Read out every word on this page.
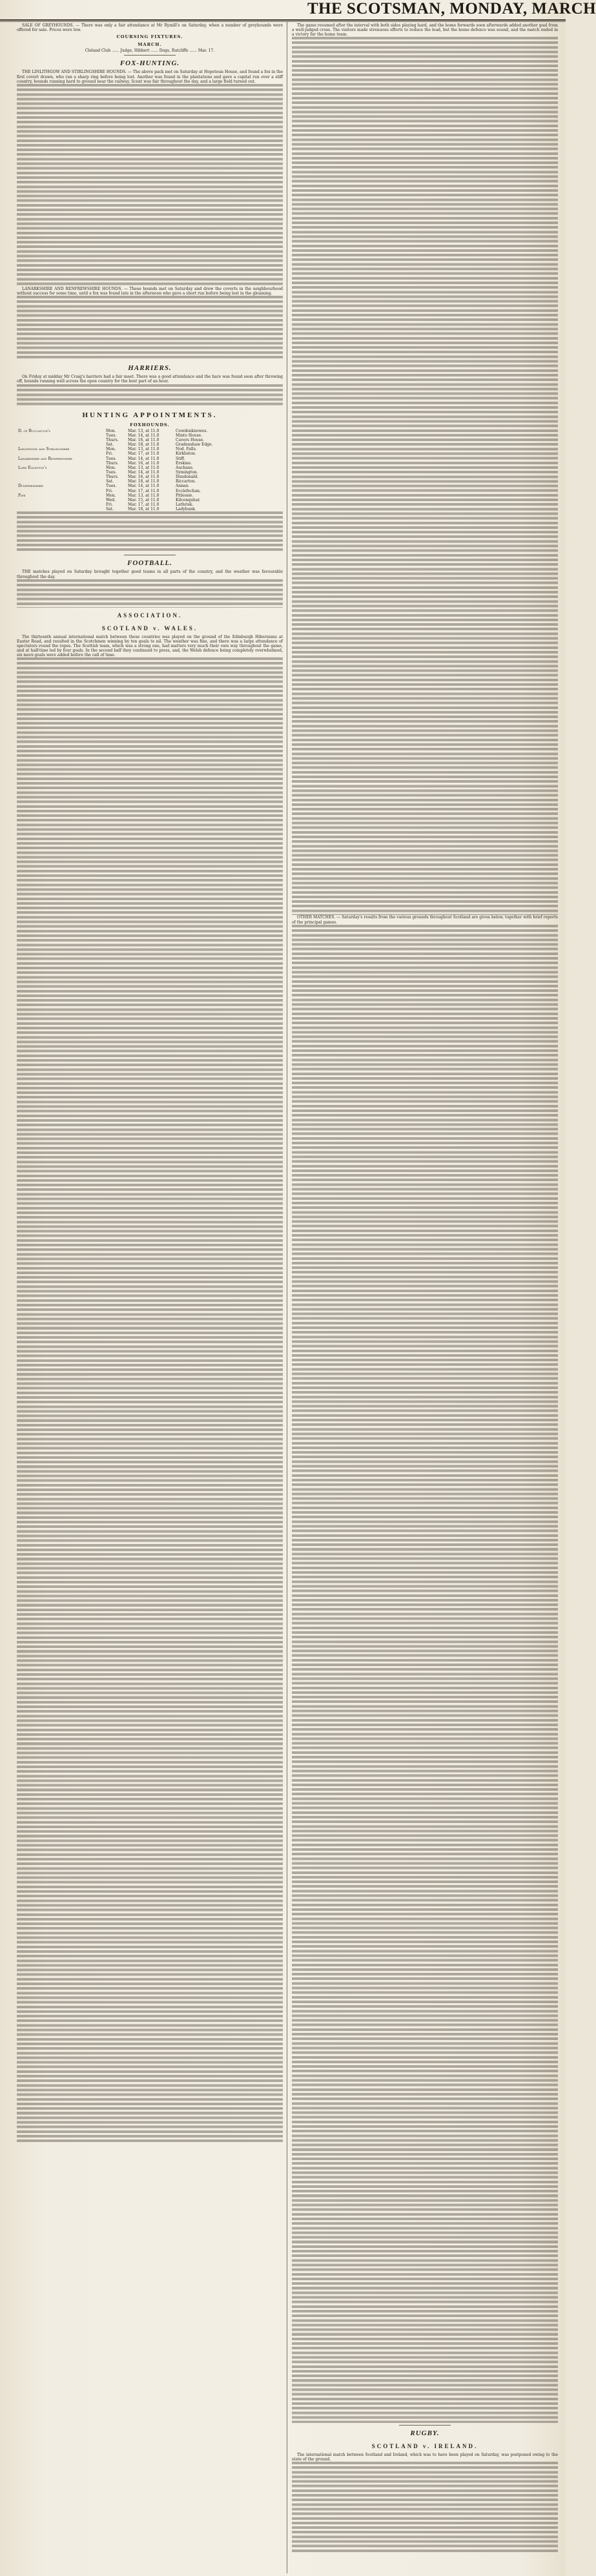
THE SCOTSMAN, MONDAY, MARCH
SALE OF GREYHOUNDS. — There was only a fair attendance at Mr Rymill's on Saturday, when a number of greyhounds were offered for sale. Prices were low.
COURSING FIXTURES.
MARCH.
Cleland Club ...... Judge, Hibbert ...... Dogs, Ratcliffe ...... Mar. 17.
FOX-HUNTING.
THE LINLITHGOW AND STIRLINGSHIRE HOUNDS. — The above pack met on Saturday at Hopetoun House, and found a fox in the first covert drawn, who ran a sharp ring before being lost. Another was found in the plantations and gave a capital run over a stiff country, hounds running hard to ground near the railway. Scent was fair throughout the day, and a large field turned out.
LANARKSHIRE AND RENFREWSHIRE HOUNDS. — These hounds met on Saturday and drew the coverts in the neighbourhood without success for some time, until a fox was found late in the afternoon who gave a short run before being lost in the gloaming.
HARRIERS.
On Friday at midday Mr Craig's harriers had a fair meet. There was a good attendance and the hare was found soon after throwing off, hounds running well across the open country for the best part of an hour.
HUNTING APPOINTMENTS.
FOXHOUNDS.
D. of Buccleuch's	Mon.	Mar. 13, at 11.0	Cowdenknowes.
	Tues.	Mar. 14, at 11.0	Minto House.
	Thurs.	Mar. 16, at 11.0	Cavers House.
	Sat.	Mar. 18, at 11.0	Gradenshaw Edge.
Linlithgow and Stirlingshire	Mon.	Mar. 13, at 11.0	Nod. Falls.
	Fri.	Mar. 17, at 11.0	Kirkliston.
Lanarkshire and Renfrewshire	Tues.	Mar. 14, at 11.0	Stiff.
	Thurs.	Mar. 16, at 11.0	Erskine.
Lord Eglinton's	Mon.	Mar. 13, at 11.0	Auchans.
	Tues.	Mar. 14, at 11.0	Symington.
	Thurs.	Mar. 16, at 11.0	Dundonald.
	Sat.	Mar. 18, at 11.0	Riccarton.
Dumfriesshire	Tues.	Mar. 14, at 11.0	Annan.
	Fri.	Mar. 17, at 11.0	Ecclefechan.
Fife	Mon.	Mar. 13, at 11.0	Pitlessie.
	Wed.	Mar. 15, at 11.0	Kilconquhar.
	Fri.	Mar. 17, at 11.0	Lathrisk.
	Sat.	Mar. 18, at 11.0	Ladybank.
FOOTBALL.
THE matches played on Saturday brought together good teams in all parts of the country, and the weather was favourable throughout the day.
ASSOCIATION.
SCOTLAND v. WALES.
The thirteenth annual international match between these countries was played on the ground of the Edinburgh Hibernians at Easter Road, and resulted in the Scotchmen winning by ten goals to nil. The weather was fine, and there was a large attendance of spectators round the ropes. The Scottish team, which was a strong one, had matters very much their own way throughout the game, and at half-time led by four goals. In the second half they continued to press, and, the Welsh defence being completely overwhelmed, six more goals were added before the call of time.
The game resumed after the interval with both sides playing hard, and the home forwards soon afterwards added another goal from a well-judged cross. The visitors made strenuous efforts to reduce the lead, but the home defence was sound, and the match ended in a victory for the home team.
OTHER MATCHES. — Saturday's results from the various grounds throughout Scotland are given below, together with brief reports of the principal games.
RUGBY.
SCOTLAND v. IRELAND.
The international match between Scotland and Ireland, which was to have been played on Saturday, was postponed owing to the state of the ground.
